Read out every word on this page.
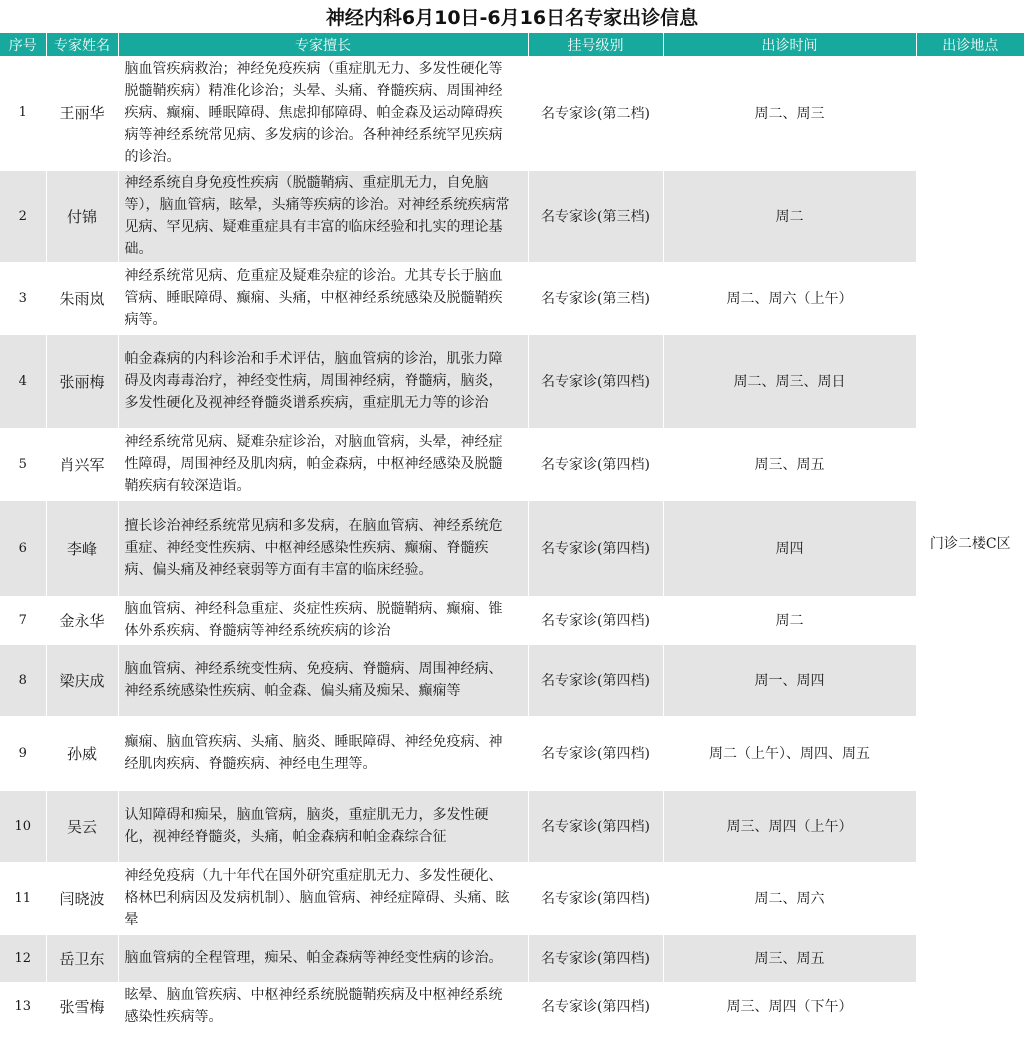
神经内科6月10日-6月16日名专家出诊信息
序号	专家姓名	专家擅长	挂号级别	出诊时间	出诊地点
1	王丽华	脑血管疾病救治；神经免疫疾病（重症肌无力、多发性硬化等脱髓鞘疾病）精准化诊治；头晕、头痛、脊髓疾病、周围神经疾病、癫痫、睡眠障碍、焦虑抑郁障碍、帕金森及运动障碍疾病等神经系统常见病、多发病的诊治。各种神经系统罕见疾病的诊治。	名专家诊(第二档)	周二、周三	门诊二楼C区
2	付锦	神经系统自身免疫性疾病（脱髓鞘病、重症肌无力，自免脑等），脑血管病，眩晕，头痛等疾病的诊治。对神经系统疾病常见病、罕见病、疑难重症具有丰富的临床经验和扎实的理论基础。	名专家诊(第三档)	周二	
3	朱雨岚	神经系统常见病、危重症及疑难杂症的诊治。尤其专长于脑血管病、睡眠障碍、癫痫、头痛，中枢神经系统感染及脱髓鞘疾病等。	名专家诊(第三档)	周二、周六（上午）	
4	张丽梅	帕金森病的内科诊治和手术评估，脑血管病的诊治，肌张力障碍及肉毒毒治疗，神经变性病，周围神经病，脊髓病，脑炎，多发性硬化及视神经脊髓炎谱系疾病，重症肌无力等的诊治	名专家诊(第四档)	周二、周三、周日	
5	肖兴军	神经系统常见病、疑难杂症诊治，对脑血管病，头晕，神经症性障碍，周围神经及肌肉病，帕金森病，中枢神经感染及脱髓鞘疾病有较深造诣。	名专家诊(第四档)	周三、周五	
6	李峰	擅长诊治神经系统常见病和多发病，在脑血管病、神经系统危重症、神经变性疾病、中枢神经感染性疾病、癫痫、脊髓疾病、偏头痛及神经衰弱等方面有丰富的临床经验。	名专家诊(第四档)	周四	
7	金永华	脑血管病、神经科急重症、炎症性疾病、脱髓鞘病、癫痫、锥体外系疾病、脊髓病等神经系统疾病的诊治	名专家诊(第四档)	周二	
8	梁庆成	脑血管病、神经系统变性病、免疫病、脊髓病、周围神经病、神经系统感染性疾病、帕金森、偏头痛及痴呆、癫痫等	名专家诊(第四档)	周一、周四	
9	孙威	癫痫、脑血管疾病、头痛、脑炎、睡眠障碍、神经免疫病、神经肌肉疾病、脊髓疾病、神经电生理等。	名专家诊(第四档)	周二（上午）、周四、周五	
10	吴云	认知障碍和痴呆，脑血管病，脑炎，重症肌无力，多发性硬化，视神经脊髓炎，头痛，帕金森病和帕金森综合征	名专家诊(第四档)	周三、周四（上午）	
11	闫晓波	神经免疫病（九十年代在国外研究重症肌无力、多发性硬化、格林巴利病因及发病机制）、脑血管病、神经症障碍、头痛、眩晕	名专家诊(第四档)	周二、周六	
12	岳卫东	脑血管病的全程管理，痴呆、帕金森病等神经变性病的诊治。	名专家诊(第四档)	周三、周五	
13	张雪梅	眩晕、脑血管疾病、中枢神经系统脱髓鞘疾病及中枢神经系统感染性疾病等。	名专家诊(第四档)	周三、周四（下午）	
